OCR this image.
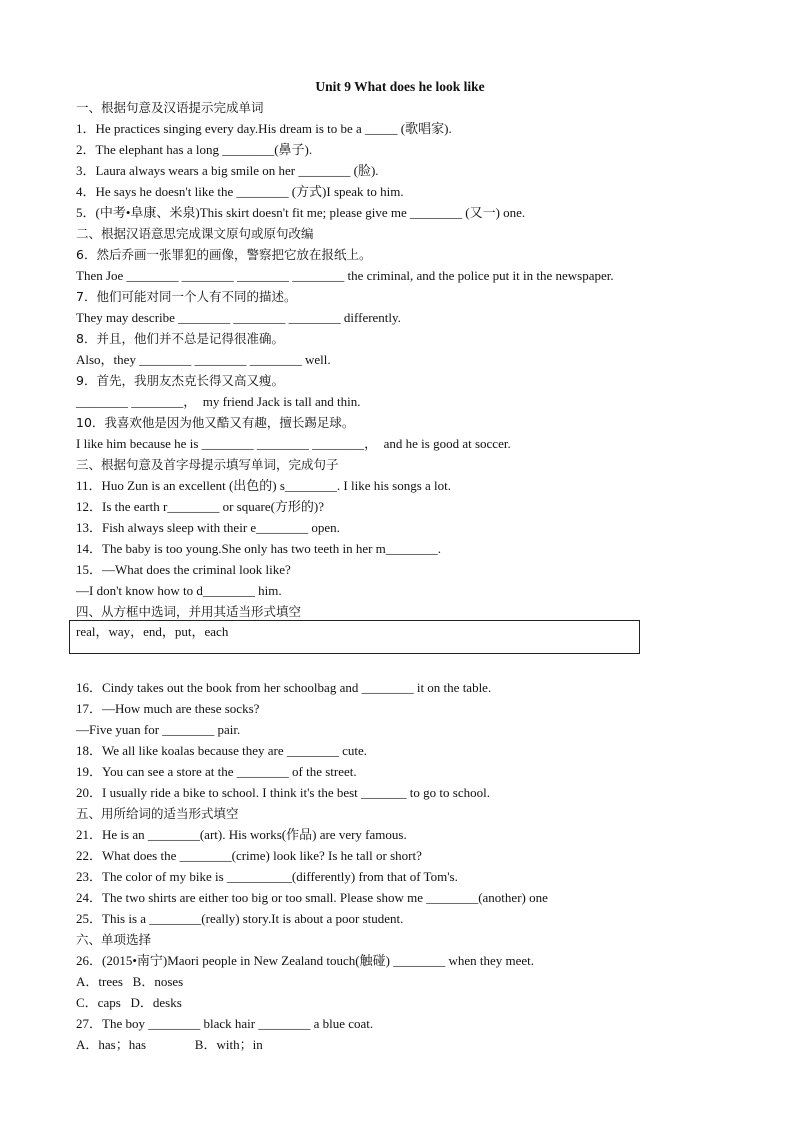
Unit 9 What does he look like
一、根据句意及汉语提示完成单词
1．He practices singing every day.His dream is to be a _____ (歌唱家).
2．The elephant has a long ________(鼻子).
3．Laura always wears a big smile on her ________ (脸).
4．He says he doesn't like the ________ (方式)I speak to him.
5．(中考•阜康、米泉)This skirt doesn't fit me; please give me ________ (又一) one.
二、根据汉语意思完成课文原句或原句改编
6．然后乔画一张罪犯的画像，警察把它放在报纸上。
Then Joe ________ ________ ________ ________ the criminal, and the police put it in the newspaper.
7．他们可能对同一个人有不同的描述。
They may describe ________ ________ ________ differently.
8．并且，他们并不总是记得很准确。
Also，they ________ ________ ________ well.
9．首先，我朋友杰克长得又高又瘦。
________ ________，  my friend Jack is tall and thin.
10．我喜欢他是因为他又酷又有趣，擅长踢足球。
I like him because he is ________ ________ ________，  and he is good at soccer.
三、根据句意及首字母提示填写单词，完成句子
11．Huo Zun is an excellent (出色的) s________. I like his songs a lot.
12．Is the earth r________ or square(方形的)?
13．Fish always sleep with their e________ open.
14．The baby is too young.She only has two teeth in her m________.
15．—What does the criminal look like?
—I don't know how to d________ him.
四、从方框中选词，并用其适当形式填空
real，way，end，put，each
16．Cindy takes out the book from her schoolbag and ________ it on the table.
17．—How much are these socks?
—Five yuan for ________ pair.
18．We all like koalas because they are ________ cute.
19．You can see a store at the ________ of the street.
20．I usually ride a bike to school. I think it's the best _______ to go to school.
五、用所给词的适当形式填空
21．He is an ________(art). His works(作品) are very famous.
22．What does the ________(crime) look like? Is he tall or short?
23．The color of my bike is __________(differently) from that of Tom's.
24．The two shirts are either too big or too small. Please show me ________(another) one
25．This is a ________(really) story.It is about a poor student.
六、单项选择
26．(2015•南宁)Maori people in New Zealand touch(触碰) ________ when they meet.
A．trees   B．noses
C．caps   D．desks
27．The boy ________ black hair ________ a blue coat.
A．has；has               B．with；in
